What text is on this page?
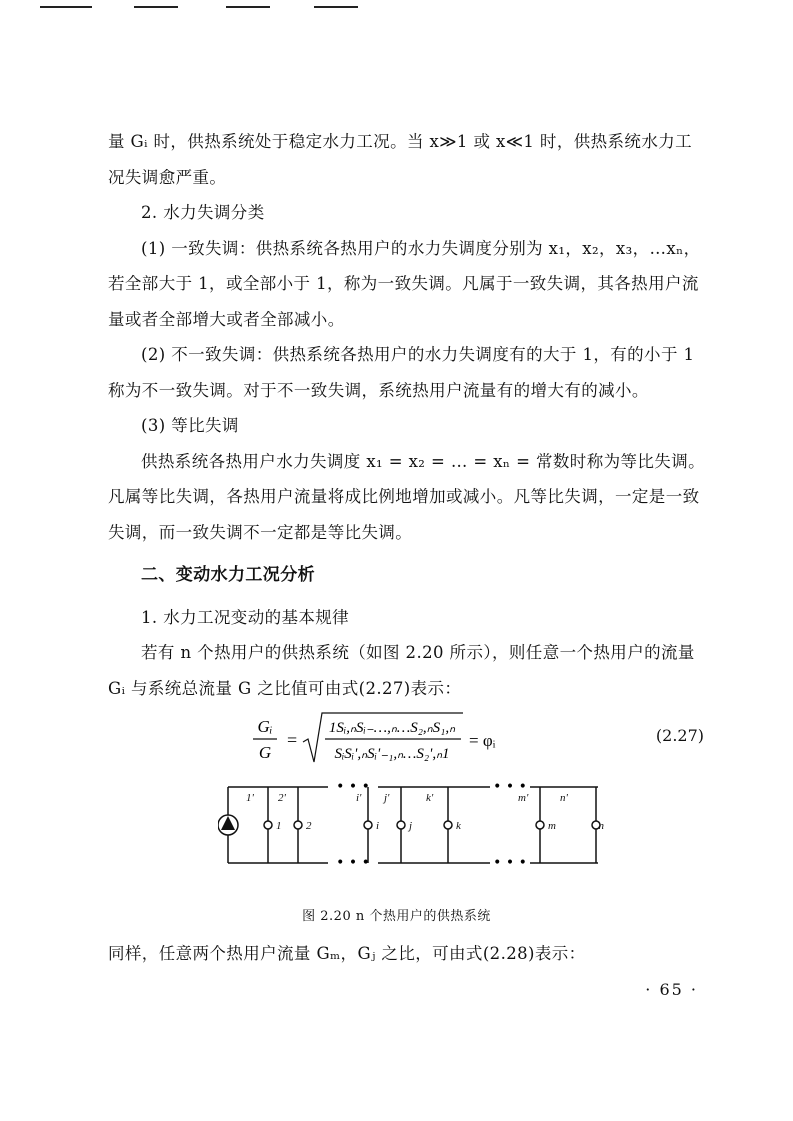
量 Gᵢ 时，供热系统处于稳定水力工况。当 x≫1 或 x≪1 时，供热系统水力工况失调愈严重。

2. 水力失调分类

(1) 一致失调：供热系统各热用户的水力失调度分别为 x₁，x₂，x₃，…xₙ，若全部大于 1，或全部小于 1，称为一致失调。凡属于一致失调，其各热用户流量或者全部增大或者全部减小。

(2) 不一致失调：供热系统各热用户的水力失调度有的大于 1，有的小于 1 称为不一致失调。对于不一致失调，系统热用户流量有的增大有的减小。

(3) 等比失调

供热系统各热用户水力失调度 x₁ = x₂ = … = xₙ = 常数时称为等比失调。凡属等比失调，各热用户流量将成比例地增加或减小。凡等比失调，一定是一致失调，而一致失调不一定都是等比失调。

二、变动水力工况分析

1. 水力工况变动的基本规律

若有 n 个热用户的供热系统（如图 2.20 所示），则任意一个热用户的流量 Gᵢ 与系统总流量 G 之比值可由式(2.27)表示：

Gᵢ
G
=
1Sᵢ,ₙSᵢ₋…,ₙ…S₂,ₙS₁,ₙ
SᵢSᵢ',ₙSᵢ'₋₁,ₙ…S₂',ₙ1
= φᵢ	(2.27)
• • •
• • •
• • •
• • •
1' 2'	i' j'	k'	m'	n'
1 2	i	j	k	m	n
图 2.20 n 个热用户的供热系统

同样，任意两个热用户流量 Gₘ，Gⱼ 之比，可由式(2.28)表示：

· 65 ·
